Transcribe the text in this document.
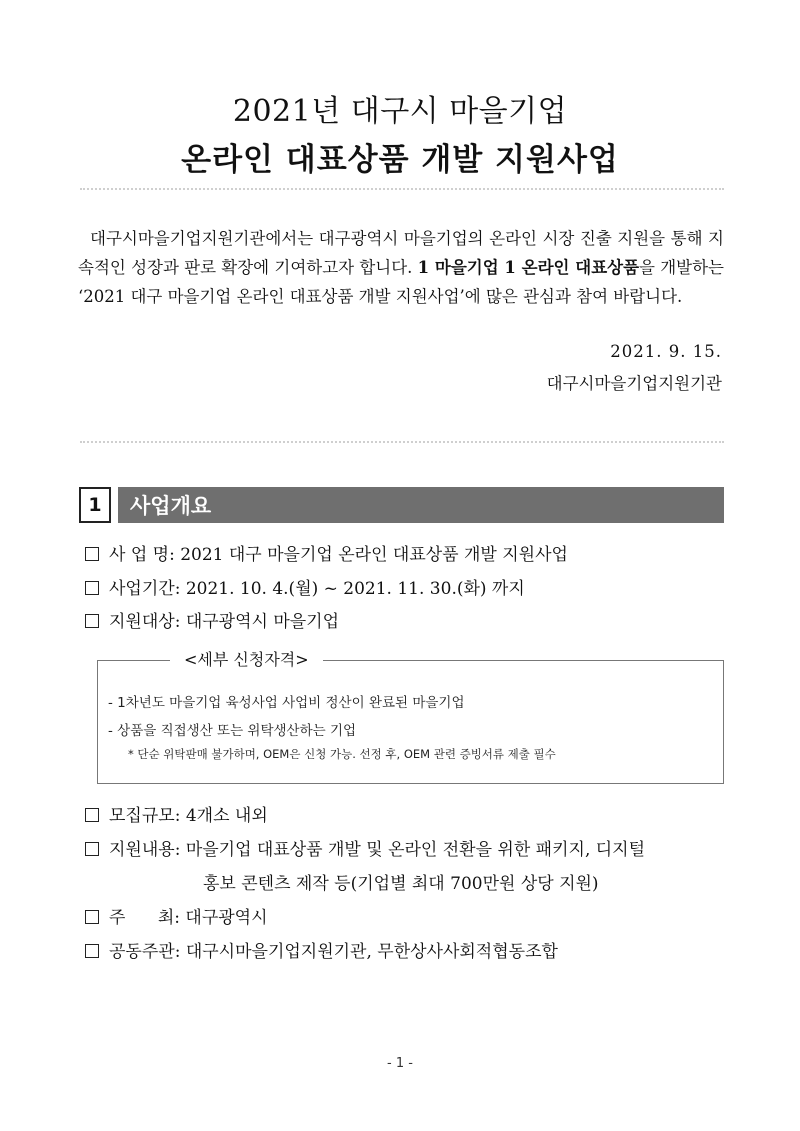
2021년 대구시 마을기업
온라인 대표상품 개발 지원사업

대구시마을기업지원기관에서는 대구광역시 마을기업의 온라인 시장 진출 지원을 통해 지속적인 성장과 판로 확장에 기여하고자 합니다. 1 마을기업 1 온라인 대표상품을 개발하는 ‘2021 대구 마을기업 온라인 대표상품 개발 지원사업’에 많은 관심과 참여 바랍니다.

2021. 9. 15.
대구시마을기업지원기관
1	사업개요
사 업 명: 2021 대구 마을기업 온라인 대표상품 개발 지원사업
사업기간: 2021. 10. 4.(월) ~ 2021. 11. 30.(화) 까지
지원대상: 대구광역시 마을기업
<세부 신청자격>
- 1차년도 마을기업 육성사업 사업비 정산이 완료된 마을기업
- 상품을 직접생산 또는 위탁생산하는 기업
* 단순 위탁판매 불가하며, OEM은 신청 가능. 선정 후, OEM 관련 증빙서류 제출 필수
모집규모: 4개소 내외
지원내용: 마을기업 대표상품 개발 및 온라인 전환을 위한 패키지, 디지털
홍보 콘텐츠 제작 등(기업별 최대 700만원 상당 지원)
주      최: 대구광역시
공동주관: 대구시마을기업지원기관, 무한상사사회적협동조합
- 1 -
